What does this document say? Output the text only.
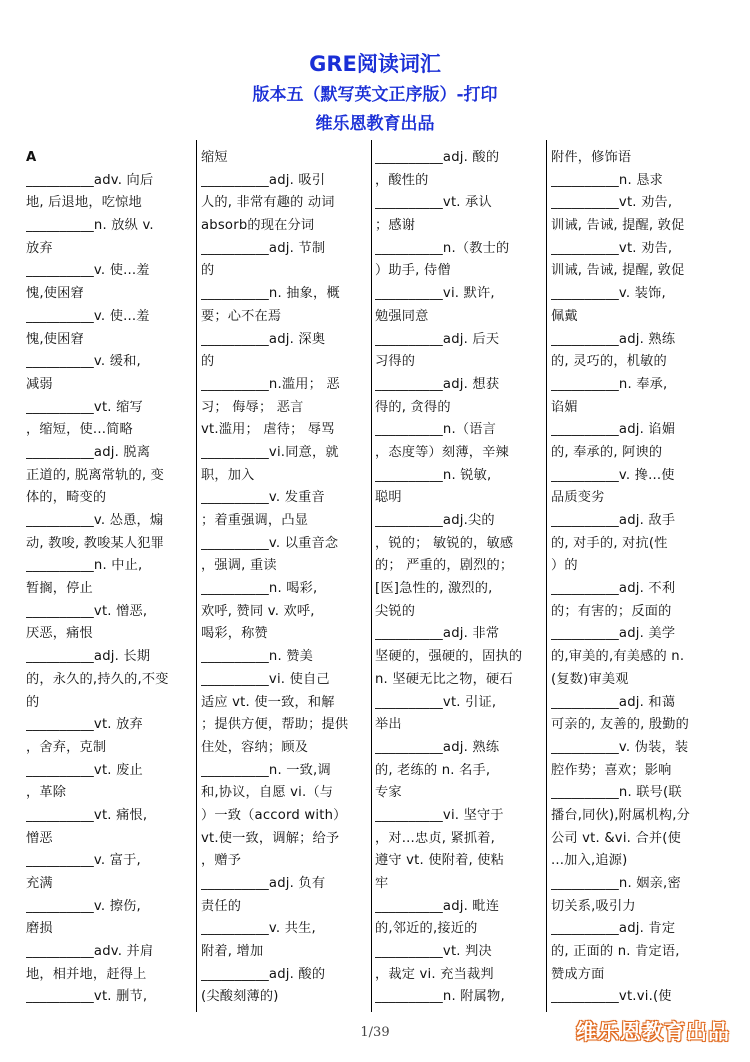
GRE阅读词汇
版本五（默写英文正序版）-打印
维乐恩教育出品
A
__________adv. 向后
地, 后退地，吃惊地
__________n. 放纵 v.
放弃
__________v. 使...羞
愧,使困窘
__________v. 使...羞
愧,使困窘
__________v. 缓和,
减弱
__________vt. 缩写
，缩短，使...简略
__________adj. 脱离
正道的, 脱离常轨的, 变
体的，畸变的
__________v. 怂恿，煽
动, 教唆, 教唆某人犯罪
__________n. 中止,
暂搁，停止
__________vt. 憎恶,
厌恶，痛恨
__________adj. 长期
的，永久的,持久的,不变
的
__________vt. 放弃
，舍弃，克制
__________vt. 废止
，革除
__________vt. 痛恨,
憎恶
__________v. 富于,
充满
__________v. 擦伤,
磨损
__________adv. 并肩
地，相并地，赶得上
__________vt. 删节,
缩短
__________adj. 吸引
人的, 非常有趣的 动词
absorb的现在分词
__________adj. 节制
的
__________n. 抽象，概
要；心不在焉
__________adj. 深奥
的
__________n.滥用； 恶
习； 侮辱； 恶言
vt.滥用； 虐待； 辱骂
__________vi.同意，就
职，加入
__________v. 发重音
；着重强调，凸显
__________v. 以重音念
，强调, 重读
__________n. 喝彩,
欢呼, 赞同 v. 欢呼,
喝彩，称赞
__________n. 赞美
__________vi. 使自己
适应 vt. 使一致，和解
；提供方便，帮助；提供
住处，容纳；顾及
__________n. 一致,调
和,协议，自愿 vi.（与
）一致（accord with）
vt.使一致，调解；给予
，赠予
__________adj. 负有
责任的
__________v. 共生,
附着, 增加
__________adj. 酸的
(尖酸刻薄的)
__________adj. 酸的
，酸性的
__________vt. 承认
；感谢
__________n.（教士的
）助手, 侍僧
__________vi. 默许,
勉强同意
__________adj. 后天
习得的
__________adj. 想获
得的, 贪得的
__________n.（语言
，态度等）刻薄，辛辣
__________n. 锐敏,
聪明
__________adj.尖的
，锐的； 敏锐的，敏感
的； 严重的，剧烈的；
[医]急性的, 激烈的,
尖锐的
__________adj. 非常
坚硬的，强硬的，固执的
n. 坚硬无比之物，硬石
__________vt. 引证,
举出
__________adj. 熟练
的, 老练的 n. 名手,
专家
__________vi. 坚守于
，对...忠贞, 紧抓着,
遵守 vt. 使附着, 使粘
牢
__________adj. 毗连
的,邻近的,接近的
__________vt. 判决
，裁定 vi. 充当裁判
__________n. 附属物,
附件，修饰语
__________n. 恳求
__________vt. 劝告,
训诫, 告诫, 提醒, 敦促
__________vt. 劝告,
训诫, 告诫, 提醒, 敦促
__________v. 装饰,
佩戴
__________adj. 熟练
的, 灵巧的，机敏的
__________n. 奉承,
谄媚
__________adj. 谄媚
的, 奉承的, 阿谀的
__________v. 搀...使
品质变劣
__________adj. 敌手
的, 对手的, 对抗(性
）的
__________adj. 不利
的；有害的；反面的
__________adj. 美学
的,审美的,有美感的 n.
(复数)审美观
__________adj. 和蔼
可亲的, 友善的, 殷勤的
__________v. 伪装，装
腔作势；喜欢；影响
__________n. 联号(联
播台,同伙),附属机构,分
公司 vt. &vi. 合并(使
...加入,追源)
__________n. 姻亲,密
切关系,吸引力
__________adj. 肯定
的, 正面的 n. 肯定语,
赞成方面
__________vt.vi.(使
1/39	维乐恩教育出品
